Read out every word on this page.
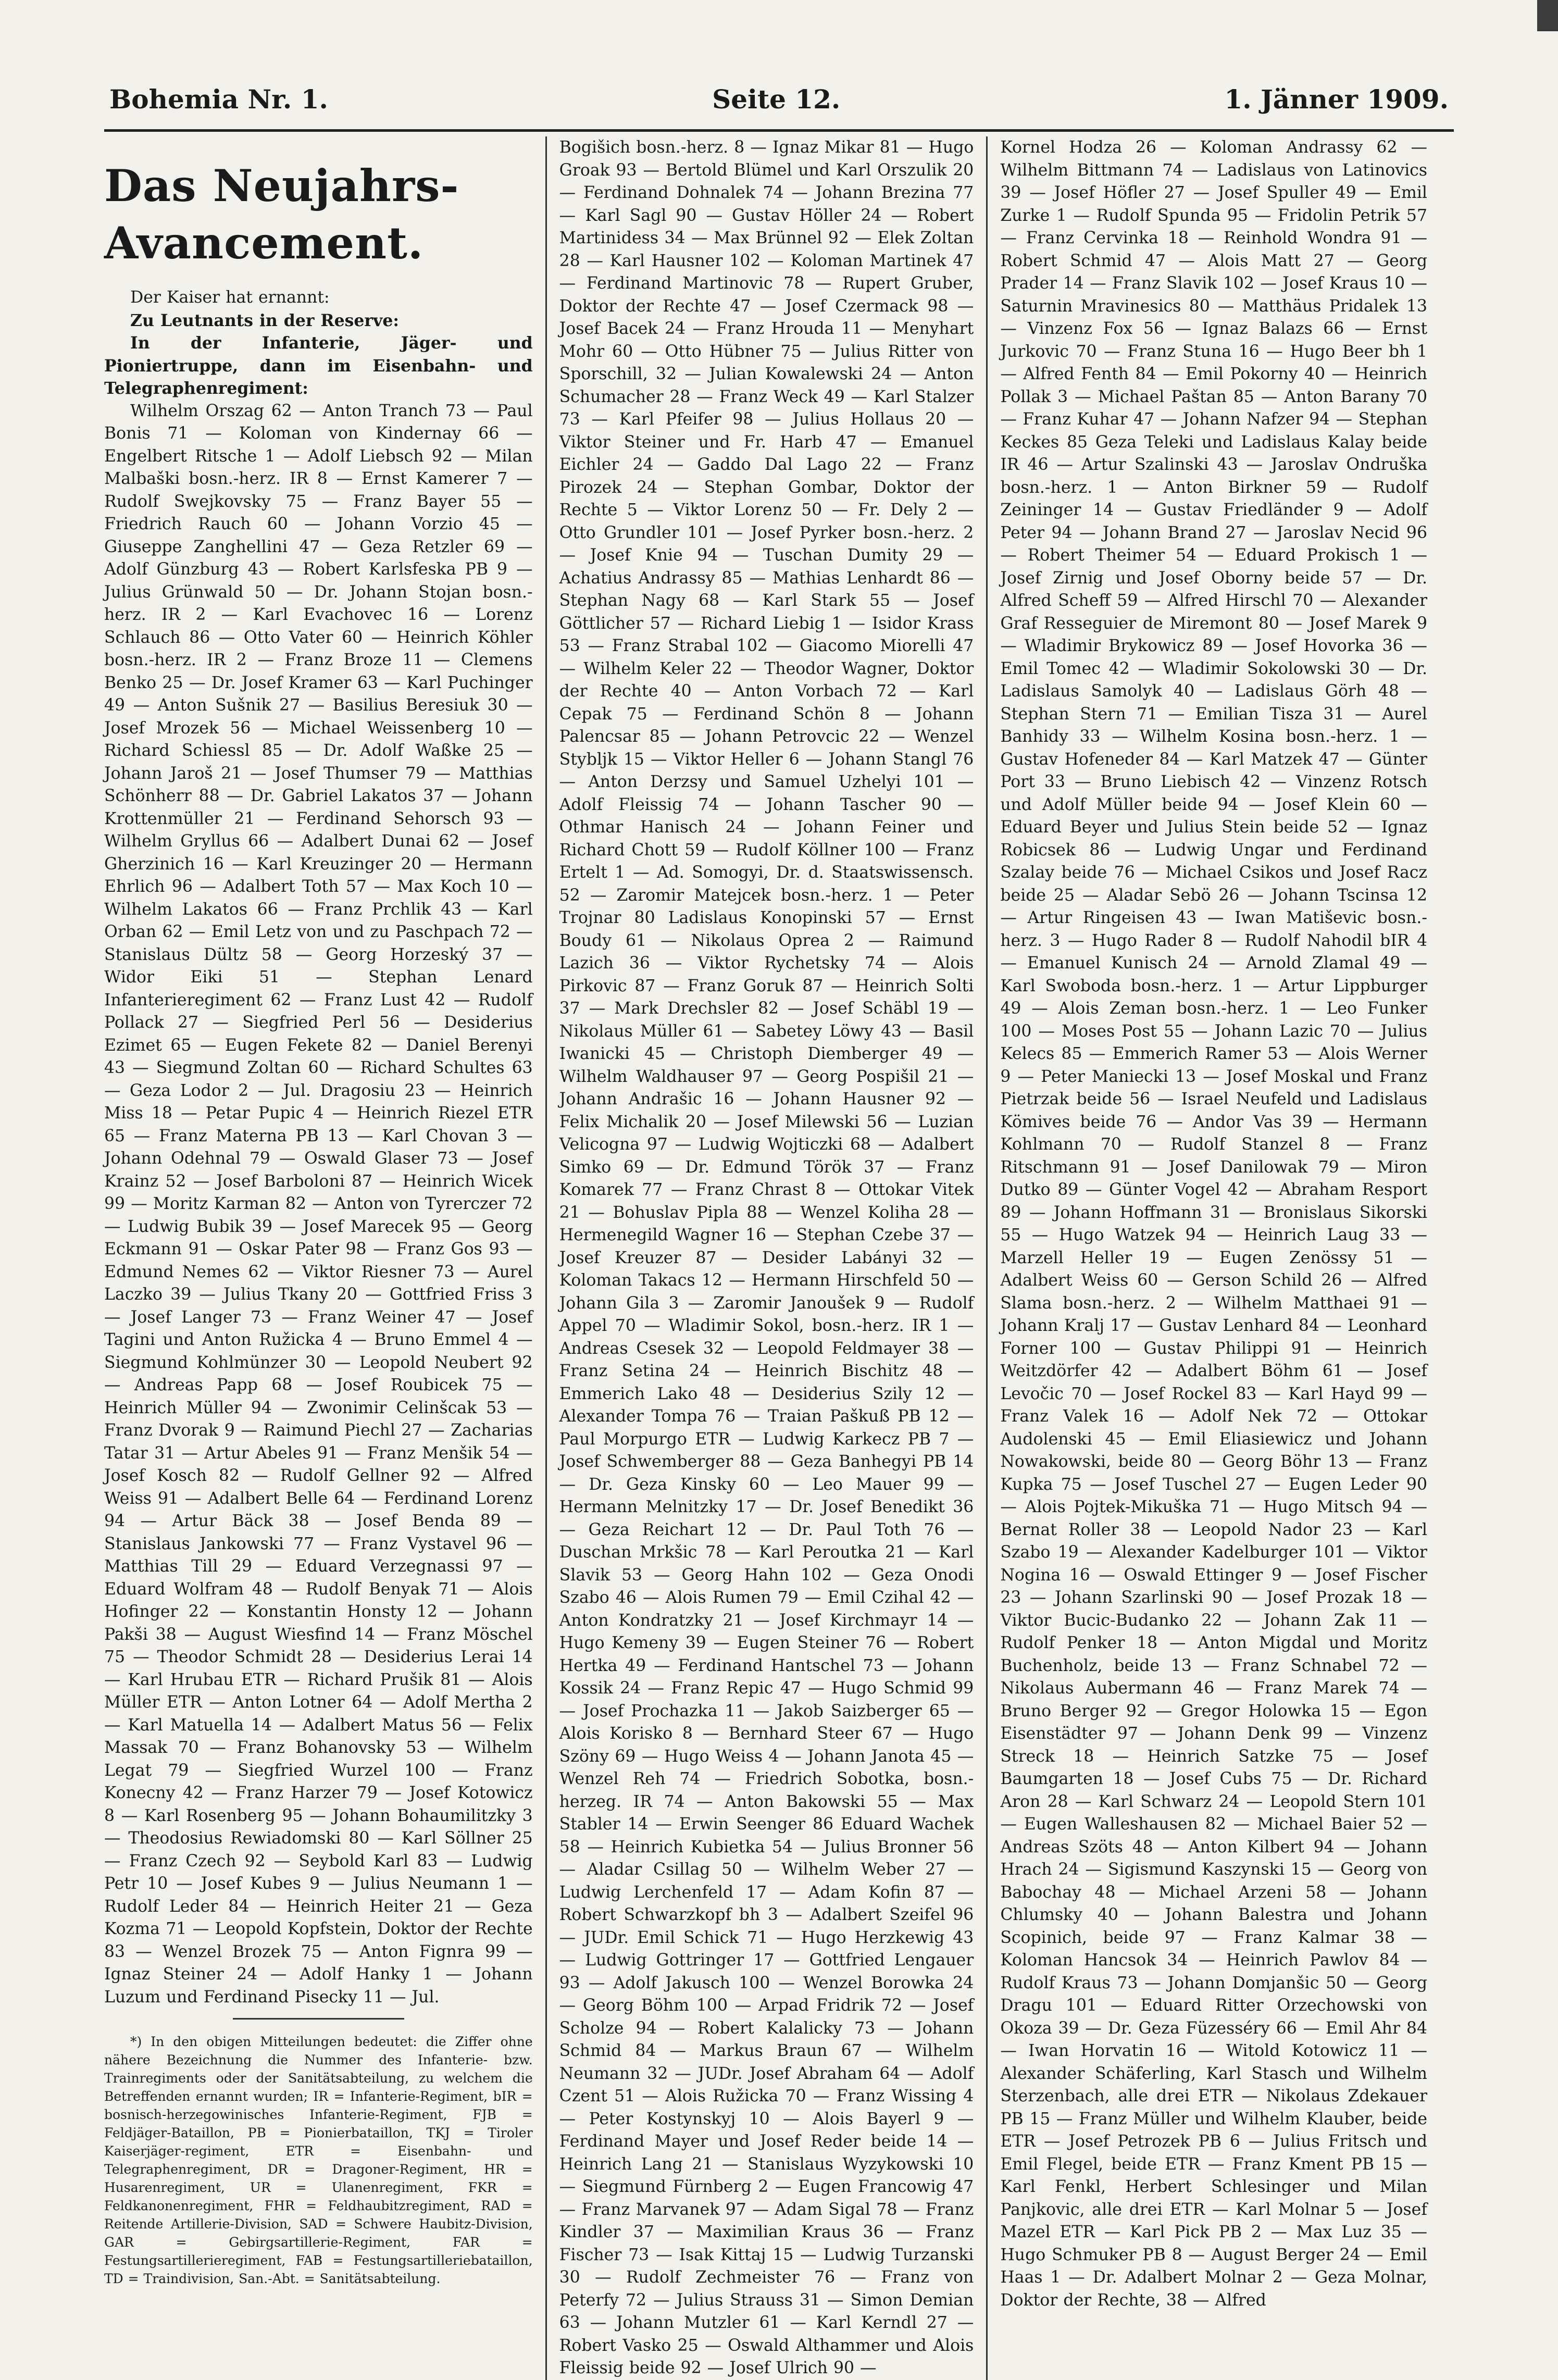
Bohemia Nr. 1.	Seite 12.	1. Jänner 1909.
Das Neujahrs-Avancement.

Der Kaiser hat ernannt:

Zu Leutnants in der Reserve:

In der Infanterie, Jäger- und Pioniertruppe, dann im Eisenbahn- und Telegraphenregiment:

Wilhelm Orszag 62 — Anton Tranch 73 — Paul Bonis 71 — Koloman von Kindernay 66 — Engelbert Ritsche 1 — Adolf Liebsch 92 — Milan Malbaški bosn.-herz. IR 8 — Ernst Kamerer 7 — Rudolf Swejkovsky 75 — Franz Bayer 55 — Friedrich Rauch 60 — Johann Vorzio 45 — Giuseppe Zanghellini 47 — Geza Retzler 69 — Adolf Günzburg 43 — Robert Karlsfeska PB 9 — Julius Grünwald 50 — Dr. Johann Stojan bosn.-herz. IR 2 — Karl Evachovec 16 — Lorenz Schlauch 86 — Otto Vater 60 — Heinrich Köhler bosn.-herz. IR 2 — Franz Broze 11 — Clemens Benko 25 — Dr. Josef Kramer 63 — Karl Puchinger 49 — Anton Sušnik 27 — Basilius Beresiuk 30 — Josef Mrozek 56 — Michael Weissenberg 10 — Richard Schiessl 85 — Dr. Adolf Waßke 25 — Johann Jaroš 21 — Josef Thumser 79 — Matthias Schönherr 88 — Dr. Gabriel Lakatos 37 — Johann Krottenmüller 21 — Ferdinand Sehorsch 93 — Wilhelm Gryllus 66 — Adalbert Dunai 62 — Josef Gherzinich 16 — Karl Kreuzinger 20 — Hermann Ehrlich 96 — Adalbert Toth 57 — Max Koch 10 — Wilhelm Lakatos 66 — Franz Prchlik 43 — Karl Orban 62 — Emil Letz von und zu Paschpach 72 — Stanislaus Dültz 58 — Georg Horzeský 37 — Widor Eiki 51 — Stephan Lenard Infanterieregiment 62 — Franz Lust 42 — Rudolf Pollack 27 — Siegfried Perl 56 — Desiderius Ezimet 65 — Eugen Fekete 82 — Daniel Berenyi 43 — Siegmund Zoltan 60 — Richard Schultes 63 — Geza Lodor 2 — Jul. Dragosiu 23 — Heinrich Miss 18 — Petar Pupic 4 — Heinrich Riezel ETR 65 — Franz Materna PB 13 — Karl Chovan 3 — Johann Odehnal 79 — Oswald Glaser 73 — Josef Krainz 52 — Josef Barboloni 87 — Heinrich Wicek 99 — Moritz Karman 82 — Anton von Tyrerczer 72 — Ludwig Bubik 39 — Josef Marecek 95 — Georg Eckmann 91 — Oskar Pater 98 — Franz Gos 93 — Edmund Nemes 62 — Viktor Riesner 73 — Aurel Laczko 39 — Julius Tkany 20 — Gottfried Friss 3 — Josef Langer 73 — Franz Weiner 47 — Josef Tagini und Anton Ružicka 4 — Bruno Emmel 4 — Siegmund Kohlmünzer 30 — Leopold Neubert 92 — Andreas Papp 68 — Josef Roubicek 75 — Heinrich Müller 94 — Zwonimir Celinšcak 53 — Franz Dvorak 9 — Raimund Piechl 27 — Zacharias Tatar 31 — Artur Abeles 91 — Franz Menšik 54 — Josef Kosch 82 — Rudolf Gellner 92 — Alfred Weiss 91 — Adalbert Belle 64 — Ferdinand Lorenz 94 — Artur Bäck 38 — Josef Benda 89 — Stanislaus Jankowski 77 — Franz Vystavel 96 — Matthias Till 29 — Eduard Verzegnassi 97 — Eduard Wolfram 48 — Rudolf Benyak 71 — Alois Hofinger 22 — Konstantin Honsty 12 — Johann Pakši 38 — August Wiesfind 14 — Franz Möschel 75 — Theodor Schmidt 28 — Desiderius Lerai 14 — Karl Hrubau ETR — Richard Prušik 81 — Alois Müller ETR — Anton Lotner 64 — Adolf Mertha 2 — Karl Matuella 14 — Adalbert Matus 56 — Felix Massak 70 — Franz Bohanovsky 53 — Wilhelm Legat 79 — Siegfried Wurzel 100 — Franz Konecny 42 — Franz Harzer 79 — Josef Kotowicz 8 — Karl Rosenberg 95 — Johann Bohaumilitzky 3 — Theodosius Rewiadomski 80 — Karl Söllner 25 — Franz Czech 92 — Seybold Karl 83 — Ludwig Petr 10 — Josef Kubes 9 — Julius Neumann 1 — Rudolf Leder 84 — Heinrich Heiter 21 — Geza Kozma 71 — Leopold Kopfstein, Doktor der Rechte 83 — Wenzel Brozek 75 — Anton Fignra 99 — Ignaz Steiner 24 — Adolf Hanky 1 — Johann Luzum und Ferdinand Pisecky 11 — Jul.

*) In den obigen Mitteilungen bedeutet: die Ziffer ohne nähere Bezeichnung die Nummer des Infanterie- bzw. Trainregiments oder der Sanitätsabteilung, zu welchem die Betreffenden ernannt wurden; IR = Infanterie-Regiment, bIR = bosnisch-herzegowinisches Infanterie-Regiment, FJB = Feldjäger-Bataillon, PB = Pionierbataillon, TKJ = Tiroler Kaiserjäger-regiment, ETR = Eisenbahn- und Telegraphenregiment, DR = Dragoner-Regiment, HR = Husarenregiment, UR = Ulanenregiment, FKR = Feldkanonenregiment, FHR = Feldhaubitzregiment, RAD = Reitende Artillerie-Division, SAD = Schwere Haubitz-Division, GAR = Gebirgsartillerie-Regiment, FAR = Festungsartillerieregiment, FAB = Festungsartilleriebataillon, TD = Traindivision, San.-Abt. = Sanitätsabteilung.

Bogišich bosn.-herz. 8 — Ignaz Mikar 81 — Hugo Groak 93 — Bertold Blümel und Karl Orszulik 20 — Ferdinand Dohnalek 74 — Johann Brezina 77 — Karl Sagl 90 — Gustav Höller 24 — Robert Martinidess 34 — Max Brünnel 92 — Elek Zoltan 28 — Karl Hausner 102 — Koloman Martinek 47 — Ferdinand Martinovic 78 — Rupert Gruber, Doktor der Rechte 47 — Josef Czermack 98 — Josef Bacek 24 — Franz Hrouda 11 — Menyhart Mohr 60 — Otto Hübner 75 — Julius Ritter von Sporschill, 32 — Julian Kowalewski 24 — Anton Schumacher 28 — Franz Weck 49 — Karl Stalzer 73 — Karl Pfeifer 98 — Julius Hollaus 20 — Viktor Steiner und Fr. Harb 47 — Emanuel Eichler 24 — Gaddo Dal Lago 22 — Franz Pirozek 24 — Stephan Gombar, Doktor der Rechte 5 — Viktor Lorenz 50 — Fr. Dely 2 — Otto Grundler 101 — Josef Pyrker bosn.-herz. 2 — Josef Knie 94 — Tuschan Dumity 29 — Achatius Andrassy 85 — Mathias Lenhardt 86 — Stephan Nagy 68 — Karl Stark 55 — Josef Göttlicher 57 — Richard Liebig 1 — Isidor Krass 53 — Franz Strabal 102 — Giacomo Miorelli 47 — Wilhelm Keler 22 — Theodor Wagner, Doktor der Rechte 40 — Anton Vorbach 72 — Karl Cepak 75 — Ferdinand Schön 8 — Johann Palencsar 85 — Johann Petrovcic 22 — Wenzel Stybljk 15 — Viktor Heller 6 — Johann Stangl 76 — Anton Derzsy und Samuel Uzhelyi 101 — Adolf Fleissig 74 — Johann Tascher 90 — Othmar Hanisch 24 — Johann Feiner und Richard Chott 59 — Rudolf Köllner 100 — Franz Ertelt 1 — Ad. Somogyi, Dr. d. Staatswissensch. 52 — Zaromir Matejcek bosn.-herz. 1 — Peter Trojnar 80 Ladislaus Konopinski 57 — Ernst Boudy 61 — Nikolaus Oprea 2 — Raimund Lazich 36 — Viktor Rychetsky 74 — Alois Pirkovic 87 — Franz Goruk 87 — Heinrich Solti 37 — Mark Drechsler 82 — Josef Schäbl 19 — Nikolaus Müller 61 — Sabetey Löwy 43 — Basil Iwanicki 45 — Christoph Diemberger 49 — Wilhelm Waldhauser 97 — Georg Pospišil 21 — Johann Andrašic 16 — Johann Hausner 92 — Felix Michalik 20 — Josef Milewski 56 — Luzian Velicogna 97 — Ludwig Wojticzki 68 — Adalbert Simko 69 — Dr. Edmund Török 37 — Franz Komarek 77 — Franz Chrast 8 — Ottokar Vitek 21 — Bohuslav Pipla 88 — Wenzel Koliha 28 — Hermenegild Wagner 16 — Stephan Czebe 37 — Josef Kreuzer 87 — Desider Labányi 32 — Koloman Takacs 12 — Hermann Hirschfeld 50 — Johann Gila 3 — Zaromir Janoušek 9 — Rudolf Appel 70 — Wladimir Sokol, bosn.-herz. IR 1 — Andreas Csesek 32 — Leopold Feldmayer 38 — Franz Setina 24 — Heinrich Bischitz 48 — Emmerich Lako 48 — Desiderius Szily 12 — Alexander Tompa 76 — Traian Paškuß PB 12 — Paul Morpurgo ETR — Ludwig Karkecz PB 7 — Josef Schwemberger 88 — Geza Banhegyi PB 14 — Dr. Geza Kinsky 60 — Leo Mauer 99 — Hermann Melnitzky 17 — Dr. Josef Benedikt 36 — Geza Reichart 12 — Dr. Paul Toth 76 — Duschan Mrkšic 78 — Karl Peroutka 21 — Karl Slavik 53 — Georg Hahn 102 — Geza Onodi Szabo 46 — Alois Rumen 79 — Emil Czihal 42 — Anton Kondratzky 21 — Josef Kirchmayr 14 — Hugo Kemeny 39 — Eugen Steiner 76 — Robert Hertka 49 — Ferdinand Hantschel 73 — Johann Kossik 24 — Franz Repic 47 — Hugo Schmid 99 — Josef Prochazka 11 — Jakob Saizberger 65 — Alois Korisko 8 — Bernhard Steer 67 — Hugo Szöny 69 — Hugo Weiss 4 — Johann Janota 45 — Wenzel Reh 74 — Friedrich Sobotka, bosn.-herzeg. IR 74 — Anton Bakowski 55 — Max Stabler 14 — Erwin Seenger 86 Eduard Wachek 58 — Heinrich Kubietka 54 — Julius Bronner 56 — Aladar Csillag 50 — Wilhelm Weber 27 — Ludwig Lerchenfeld 17 — Adam Kofin 87 — Robert Schwarzkopf bh 3 — Adalbert Szeifel 96 — JUDr. Emil Schick 71 — Hugo Herzkewig 43 — Ludwig Gottringer 17 — Gottfried Lengauer 93 — Adolf Jakusch 100 — Wenzel Borowka 24 — Georg Böhm 100 — Arpad Fridrik 72 — Josef Scholze 94 — Robert Kalalicky 73 — Johann Schmid 84 — Markus Braun 67 — Wilhelm Neumann 32 — JUDr. Josef Abraham 64 — Adolf Czent 51 — Alois Ružicka 70 — Franz Wissing 4 — Peter Kostynskyj 10 — Alois Bayerl 9 — Ferdinand Mayer und Josef Reder beide 14 — Heinrich Lang 21 — Stanislaus Wyzykowski 10 — Siegmund Fürnberg 2 — Eugen Francowig 47 — Franz Marvanek 97 — Adam Sigal 78 — Franz Kindler 37 — Maximilian Kraus 36 — Franz Fischer 73 — Isak Kittaj 15 — Ludwig Turzanski 30 — Rudolf Zechmeister 76 — Franz von Peterfy 72 — Julius Strauss 31 — Simon Demian 63 — Johann Mutzler 61 — Karl Kerndl 27 — Robert Vasko 25 — Oswald Althammer und Alois Fleissig beide 92 — Josef Ulrich 90 —

Kornel Hodza 26 — Koloman Andrassy 62 — Wilhelm Bittmann 74 — Ladislaus von Latinovics 39 — Josef Höfler 27 — Josef Spuller 49 — Emil Zurke 1 — Rudolf Spunda 95 — Fridolin Petrik 57 — Franz Cervinka 18 — Reinhold Wondra 91 — Robert Schmid 47 — Alois Matt 27 — Georg Prader 14 — Franz Slavik 102 — Josef Kraus 10 — Saturnin Mravinesics 80 — Matthäus Pridalek 13 — Vinzenz Fox 56 — Ignaz Balazs 66 — Ernst Jurkovic 70 — Franz Stuna 16 — Hugo Beer bh 1 — Alfred Fenth 84 — Emil Pokorny 40 — Heinrich Pollak 3 — Michael Paštan 85 — Anton Barany 70 — Franz Kuhar 47 — Johann Nafzer 94 — Stephan Keckes 85 Geza Teleki und Ladislaus Kalay beide IR 46 — Artur Szalinski 43 — Jaroslav Ondruška bosn.-herz. 1 — Anton Birkner 59 — Rudolf Zeininger 14 — Gustav Friedländer 9 — Adolf Peter 94 — Johann Brand 27 — Jaroslav Necid 96 — Robert Theimer 54 — Eduard Prokisch 1 — Josef Zirnig und Josef Oborny beide 57 — Dr. Alfred Scheff 59 — Alfred Hirschl 70 — Alexander Graf Resseguier de Miremont 80 — Josef Marek 9 — Wladimir Brykowicz 89 — Josef Hovorka 36 — Emil Tomec 42 — Wladimir Sokolowski 30 — Dr. Ladislaus Samolyk 40 — Ladislaus Görh 48 — Stephan Stern 71 — Emilian Tisza 31 — Aurel Banhidy 33 — Wilhelm Kosina bosn.-herz. 1 — Gustav Hofeneder 84 — Karl Matzek 47 — Günter Port 33 — Bruno Liebisch 42 — Vinzenz Rotsch und Adolf Müller beide 94 — Josef Klein 60 — Eduard Beyer und Julius Stein beide 52 — Ignaz Robicsek 86 — Ludwig Ungar und Ferdinand Szalay beide 76 — Michael Csikos und Josef Racz beide 25 — Aladar Sebö 26 — Johann Tscinsa 12 — Artur Ringeisen 43 — Iwan Matiševic bosn.-herz. 3 — Hugo Rader 8 — Rudolf Nahodil bIR 4 — Emanuel Kunisch 24 — Arnold Zlamal 49 — Karl Swoboda bosn.-herz. 1 — Artur Lippburger 49 — Alois Zeman bosn.-herz. 1 — Leo Funker 100 — Moses Post 55 — Johann Lazic 70 — Julius Kelecs 85 — Emmerich Ramer 53 — Alois Werner 9 — Peter Maniecki 13 — Josef Moskal und Franz Pietrzak beide 56 — Israel Neufeld und Ladislaus Kömives beide 76 — Andor Vas 39 — Hermann Kohlmann 70 — Rudolf Stanzel 8 — Franz Ritschmann 91 — Josef Danilowak 79 — Miron Dutko 89 — Günter Vogel 42 — Abraham Resport 89 — Johann Hoffmann 31 — Bronislaus Sikorski 55 — Hugo Watzek 94 — Heinrich Laug 33 — Marzell Heller 19 — Eugen Zenössy 51 — Adalbert Weiss 60 — Gerson Schild 26 — Alfred Slama bosn.-herz. 2 — Wilhelm Matthaei 91 — Johann Kralj 17 — Gustav Lenhard 84 — Leonhard Forner 100 — Gustav Philippi 91 — Heinrich Weitzdörfer 42 — Adalbert Böhm 61 — Josef Levočic 70 — Josef Rockel 83 — Karl Hayd 99 — Franz Valek 16 — Adolf Nek 72 — Ottokar Audolenski 45 — Emil Eliasiewicz und Johann Nowakowski, beide 80 — Georg Böhr 13 — Franz Kupka 75 — Josef Tuschel 27 — Eugen Leder 90 — Alois Pojtek-Mikuška 71 — Hugo Mitsch 94 — Bernat Roller 38 — Leopold Nador 23 — Karl Szabo 19 — Alexander Kadelburger 101 — Viktor Nogina 16 — Oswald Ettinger 9 — Josef Fischer 23 — Johann Szarlinski 90 — Josef Prozak 18 — Viktor Bucic-Budanko 22 — Johann Zak 11 — Rudolf Penker 18 — Anton Migdal und Moritz Buchenholz, beide 13 — Franz Schnabel 72 — Nikolaus Aubermann 46 — Franz Marek 74 — Bruno Berger 92 — Gregor Holowka 15 — Egon Eisenstädter 97 — Johann Denk 99 — Vinzenz Streck 18 — Heinrich Satzke 75 — Josef Baumgarten 18 — Josef Cubs 75 — Dr. Richard Aron 28 — Karl Schwarz 24 — Leopold Stern 101 — Eugen Walleshausen 82 — Michael Baier 52 — Andreas Szöts 48 — Anton Kilbert 94 — Johann Hrach 24 — Sigismund Kaszynski 15 — Georg von Babochay 48 — Michael Arzeni 58 — Johann Chlumsky 40 — Johann Balestra und Johann Scopinich, beide 97 — Franz Kalmar 38 — Koloman Hancsok 34 — Heinrich Pawlov 84 — Rudolf Kraus 73 — Johann Domjanšic 50 — Georg Dragu 101 — Eduard Ritter Orzechowski von Okoza 39 — Dr. Geza Füzesséry 66 — Emil Ahr 84 — Iwan Horvatin 16 — Witold Kotowicz 11 — Alexander Schäferling, Karl Stasch und Wilhelm Sterzenbach, alle drei ETR — Nikolaus Zdekauer PB 15 — Franz Müller und Wilhelm Klauber, beide ETR — Josef Petrozek PB 6 — Julius Fritsch und Emil Flegel, beide ETR — Franz Kment PB 15 — Karl Fenkl, Herbert Schlesinger und Milan Panjkovic, alle drei ETR — Karl Molnar 5 — Josef Mazel ETR — Karl Pick PB 2 — Max Luz 35 — Hugo Schmuker PB 8 — August Berger 24 — Emil Haas 1 — Dr. Adalbert Molnar 2 — Geza Molnar, Doktor der Rechte, 38 — Alfred
